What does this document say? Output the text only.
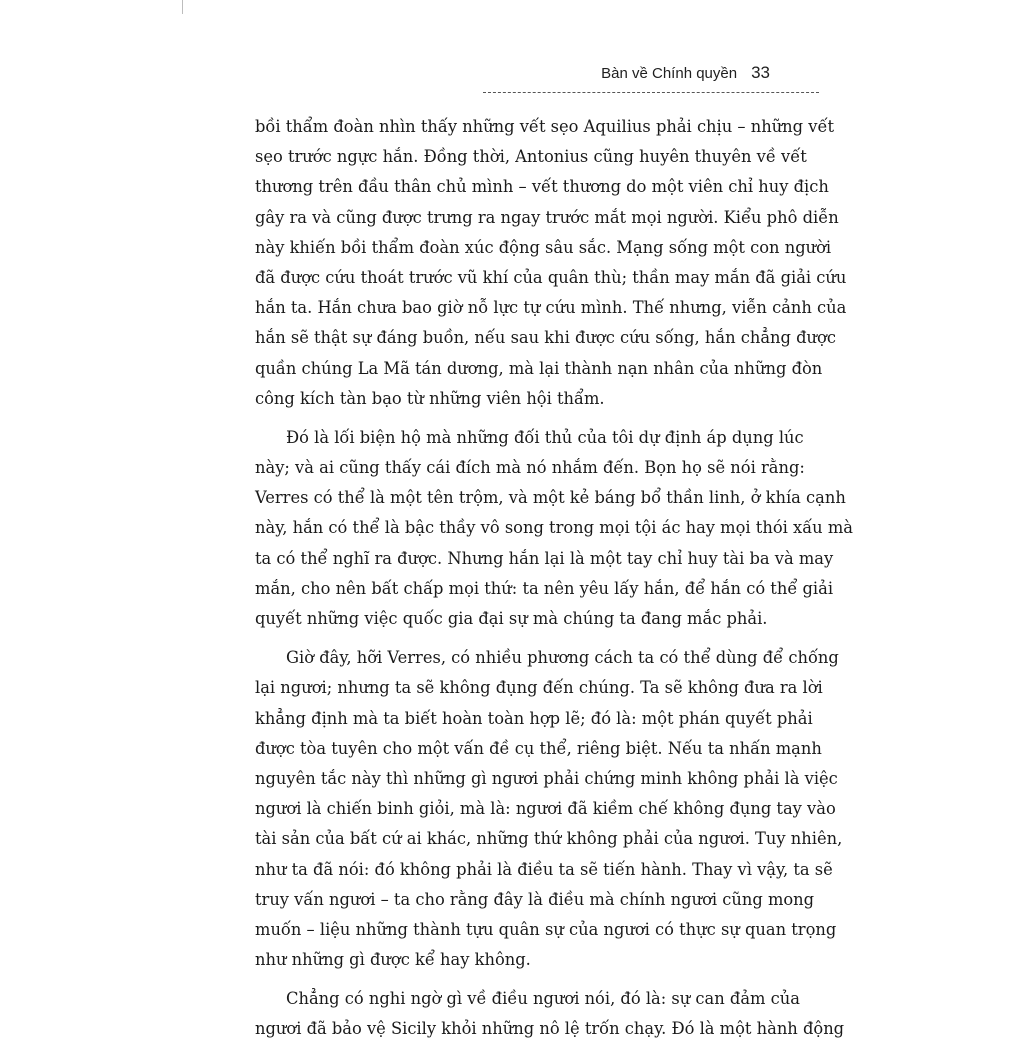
Bàn về Chính quyền 33
bồi thẩm đoàn nhìn thấy những vết sẹo Aquilius phải chịu – những vết
sẹo trước ngực hắn. Đồng thời, Antonius cũng huyên thuyên về vết
thương trên đầu thân chủ mình – vết thương do một viên chỉ huy địch
gây ra và cũng được trưng ra ngay trước mắt mọi người. Kiểu phô diễn
này khiến bồi thẩm đoàn xúc động sâu sắc. Mạng sống một con người
đã được cứu thoát trước vũ khí của quân thù; thần may mắn đã giải cứu
hắn ta. Hắn chưa bao giờ nỗ lực tự cứu mình. Thế nhưng, viễn cảnh của
hắn sẽ thật sự đáng buồn, nếu sau khi được cứu sống, hắn chẳng được
quần chúng La Mã tán dương, mà lại thành nạn nhân của những đòn
công kích tàn bạo từ những viên hội thẩm.
Đó là lối biện hộ mà những đối thủ của tôi dự định áp dụng lúc
này; và ai cũng thấy cái đích mà nó nhắm đến. Bọn họ sẽ nói rằng:
Verres có thể là một tên trộm, và một kẻ báng bổ thần linh, ở khía cạnh
này, hắn có thể là bậc thầy vô song trong mọi tội ác hay mọi thói xấu mà
ta có thể nghĩ ra được. Nhưng hắn lại là một tay chỉ huy tài ba và may
mắn, cho nên bất chấp mọi thứ: ta nên yêu lấy hắn, để hắn có thể giải
quyết những việc quốc gia đại sự mà chúng ta đang mắc phải.
Giờ đây, hỡi Verres, có nhiều phương cách ta có thể dùng để chống
lại ngươi; nhưng ta sẽ không đụng đến chúng. Ta sẽ không đưa ra lời
khẳng định mà ta biết hoàn toàn hợp lẽ; đó là: một phán quyết phải
được tòa tuyên cho một vấn đề cụ thể, riêng biệt. Nếu ta nhấn mạnh
nguyên tắc này thì những gì ngươi phải chứng minh không phải là việc
ngươi là chiến binh giỏi, mà là: ngươi đã kiềm chế không đụng tay vào
tài sản của bất cứ ai khác, những thứ không phải của ngươi. Tuy nhiên,
như ta đã nói: đó không phải là điều ta sẽ tiến hành. Thay vì vậy, ta sẽ
truy vấn ngươi – ta cho rằng đây là điều mà chính ngươi cũng mong
muốn – liệu những thành tựu quân sự của ngươi có thực sự quan trọng
như những gì được kể hay không.
Chẳng có nghi ngờ gì về điều ngươi nói, đó là: sự can đảm của
ngươi đã bảo vệ Sicily khỏi những nô lệ trốn chạy. Đó là một hành động
